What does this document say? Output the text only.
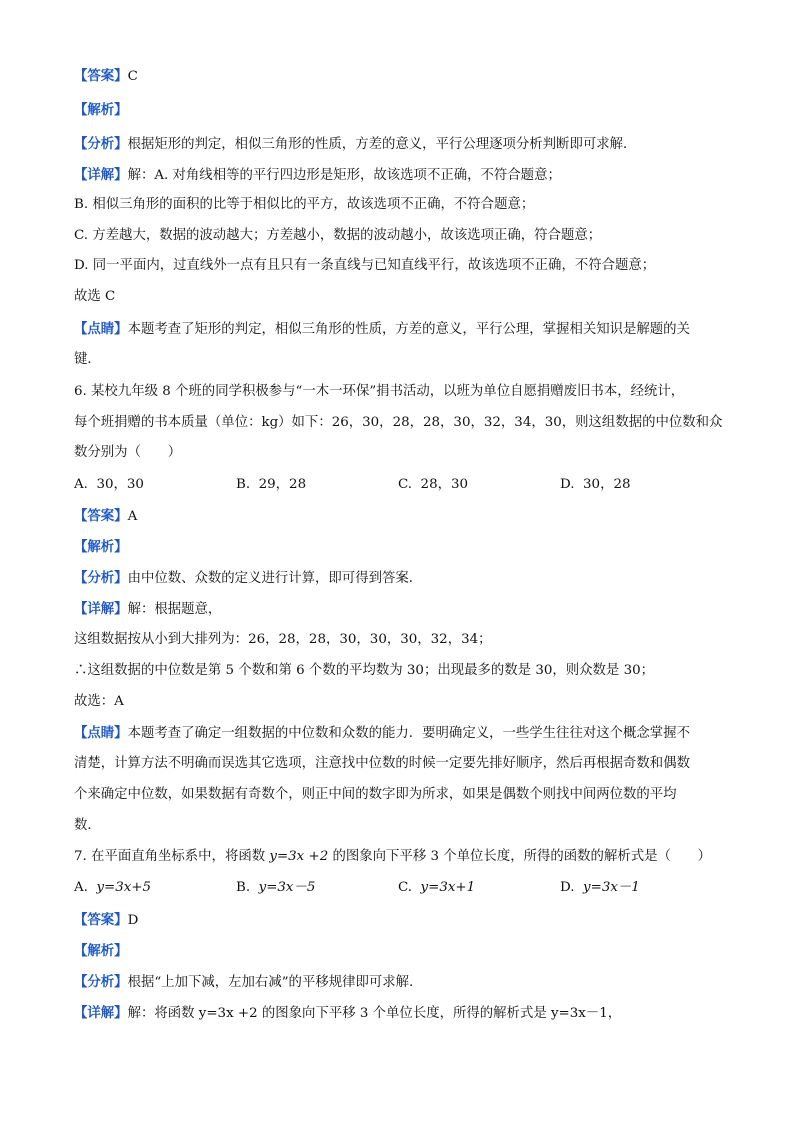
【答案】C
【解析】
【分析】根据矩形的判定，相似三角形的性质，方差的意义，平行公理逐项分析判断即可求解．
【详解】解：A. 对角线相等的平行四边形是矩形，故该选项不正确，不符合题意；
B. 相似三角形的面积的比等于相似比的平方，故该选项不正确，不符合题意；
C. 方差越大，数据的波动越大；方差越小，数据的波动越小，故该选项正确，符合题意；
D. 同一平面内，过直线外一点有且只有一条直线与已知直线平行，故该选项不正确，不符合题意；
故选 C
【点睛】本题考查了矩形的判定，相似三角形的性质，方差的意义，平行公理，掌握相关知识是解题的关
键．
6. 某校九年级 8 个班的同学积极参与“一木一环保”捐书活动，以班为单位自愿捐赠废旧书本，经统计，
每个班捐赠的书本质量（单位：kg）如下：26，30，28，28，30，32，34，30，则这组数据的中位数和众
数分别为（　　）
A. 30，30	B. 29，28	C. 28，30	D. 30，28
【答案】A
【解析】
【分析】由中位数、众数的定义进行计算，即可得到答案．
【详解】解：根据题意，
这组数据按从小到大排列为：26，28，28，30，30，30，32，34；
∴这组数据的中位数是第 5 个数和第 6 个数的平均数为 30；出现最多的数是 30，则众数是 30；
故选：A
【点睛】本题考查了确定一组数据的中位数和众数的能力．要明确定义，一些学生往往对这个概念掌握不
清楚，计算方法不明确而误选其它选项，注意找中位数的时候一定要先排好顺序，然后再根据奇数和偶数
个来确定中位数，如果数据有奇数个，则正中间的数字即为所求，如果是偶数个则找中间两位数的平均
数．
7. 在平面直角坐标系中，将函数 y=3x +2 的图象向下平移 3 个单位长度，所得的函数的解析式是（　　）
A. y=3x+5	B. y=3x－5	C. y=3x+1	D. y=3x－1
【答案】D
【解析】
【分析】根据“上加下减，左加右减”的平移规律即可求解．
【详解】解：将函数 y=3x +2 的图象向下平移 3 个单位长度，所得的解析式是 y=3x－1，
